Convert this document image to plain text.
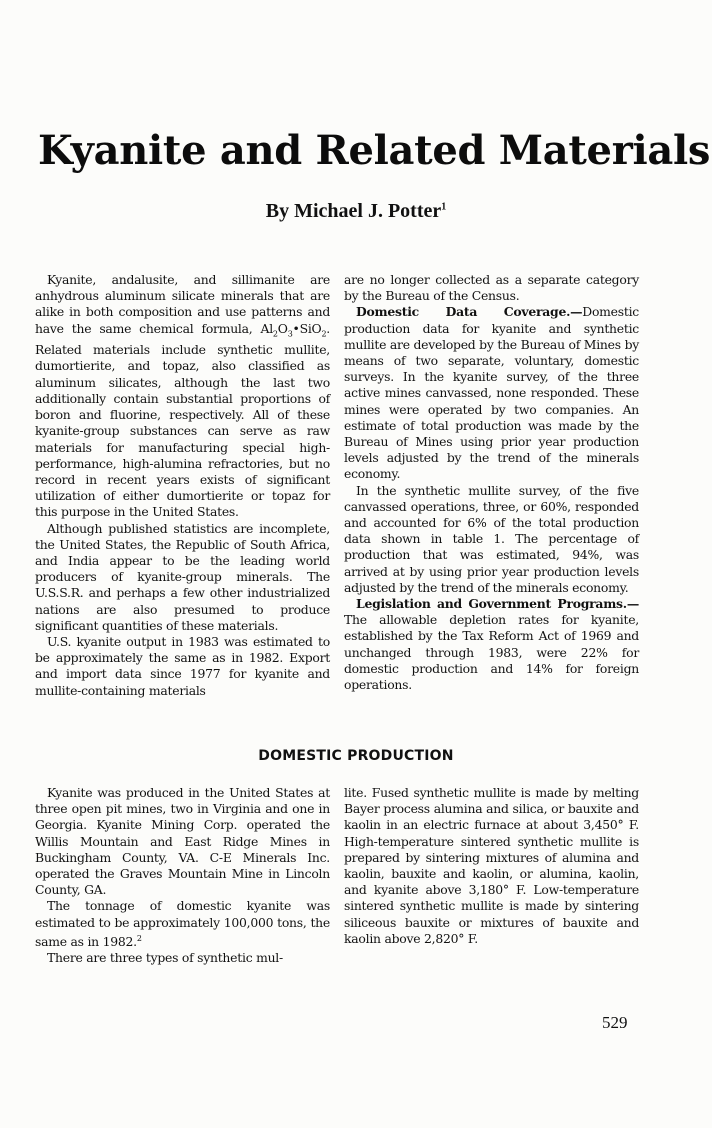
Kyanite and Related Materials
By Michael J. Potter$^1$

Kyanite, andalusite, and sillimanite are anhydrous aluminum silicate minerals that are alike in both composition and use patterns and have the same chemical formula, $Al_2O_3•SiO_2$. Related materials include synthetic mullite, dumortierite, and topaz, also classified as aluminum silicates, although the last two additionally contain substantial proportions of boron and fluorine, respectively. All of these kyanite-group substances can serve as raw materials for manufacturing special high-performance, high-alumina refractories, but no record in recent years exists of significant utilization of either dumortierite or topaz for this purpose in the United States.

Although published statistics are incomplete, the United States, the Republic of South Africa, and India appear to be the leading world producers of kyanite-group minerals. The U.S.S.R. and perhaps a few other industrialized nations are also presumed to produce significant quantities of these materials.

U.S. kyanite output in 1983 was estimated to be approximately the same as in 1982. Export and import data since 1977 for kyanite and mullite-containing materials

are no longer collected as a separate category by the Bureau of the Census.

Domestic Data Coverage.—Domestic production data for kyanite and synthetic mullite are developed by the Bureau of Mines by means of two separate, voluntary, domestic surveys. In the kyanite survey, of the three active mines canvassed, none responded. These mines were operated by two companies. An estimate of total production was made by the Bureau of Mines using prior year production levels adjusted by the trend of the minerals economy.

In the synthetic mullite survey, of the five canvassed operations, three, or 60%, responded and accounted for 6% of the total production data shown in table 1. The percentage of production that was estimated, 94%, was arrived at by using prior year production levels adjusted by the trend of the minerals economy.

Legislation and Government Programs.—The allowable depletion rates for kyanite, established by the Tax Reform Act of 1969 and unchanged through 1983, were 22% for domestic production and 14% for foreign operations.

DOMESTIC PRODUCTION

Kyanite was produced in the United States at three open pit mines, two in Virginia and one in Georgia. Kyanite Mining Corp. operated the Willis Mountain and East Ridge Mines in Buckingham County, VA. C-E Minerals Inc. operated the Graves Mountain Mine in Lincoln County, GA.

The tonnage of domestic kyanite was estimated to be approximately 100,000 tons, the same as in 1982.$^2$

There are three types of synthetic mul-

lite. Fused synthetic mullite is made by melting Bayer process alumina and silica, or bauxite and kaolin in an electric furnace at about 3,450° F. High-temperature sintered synthetic mullite is prepared by sintering mixtures of alumina and kaolin, bauxite and kaolin, or alumina, kaolin, and kyanite above 3,180° F. Low-temperature sintered synthetic mullite is made by sintering siliceous bauxite or mixtures of bauxite and kaolin above 2,820° F.

529
